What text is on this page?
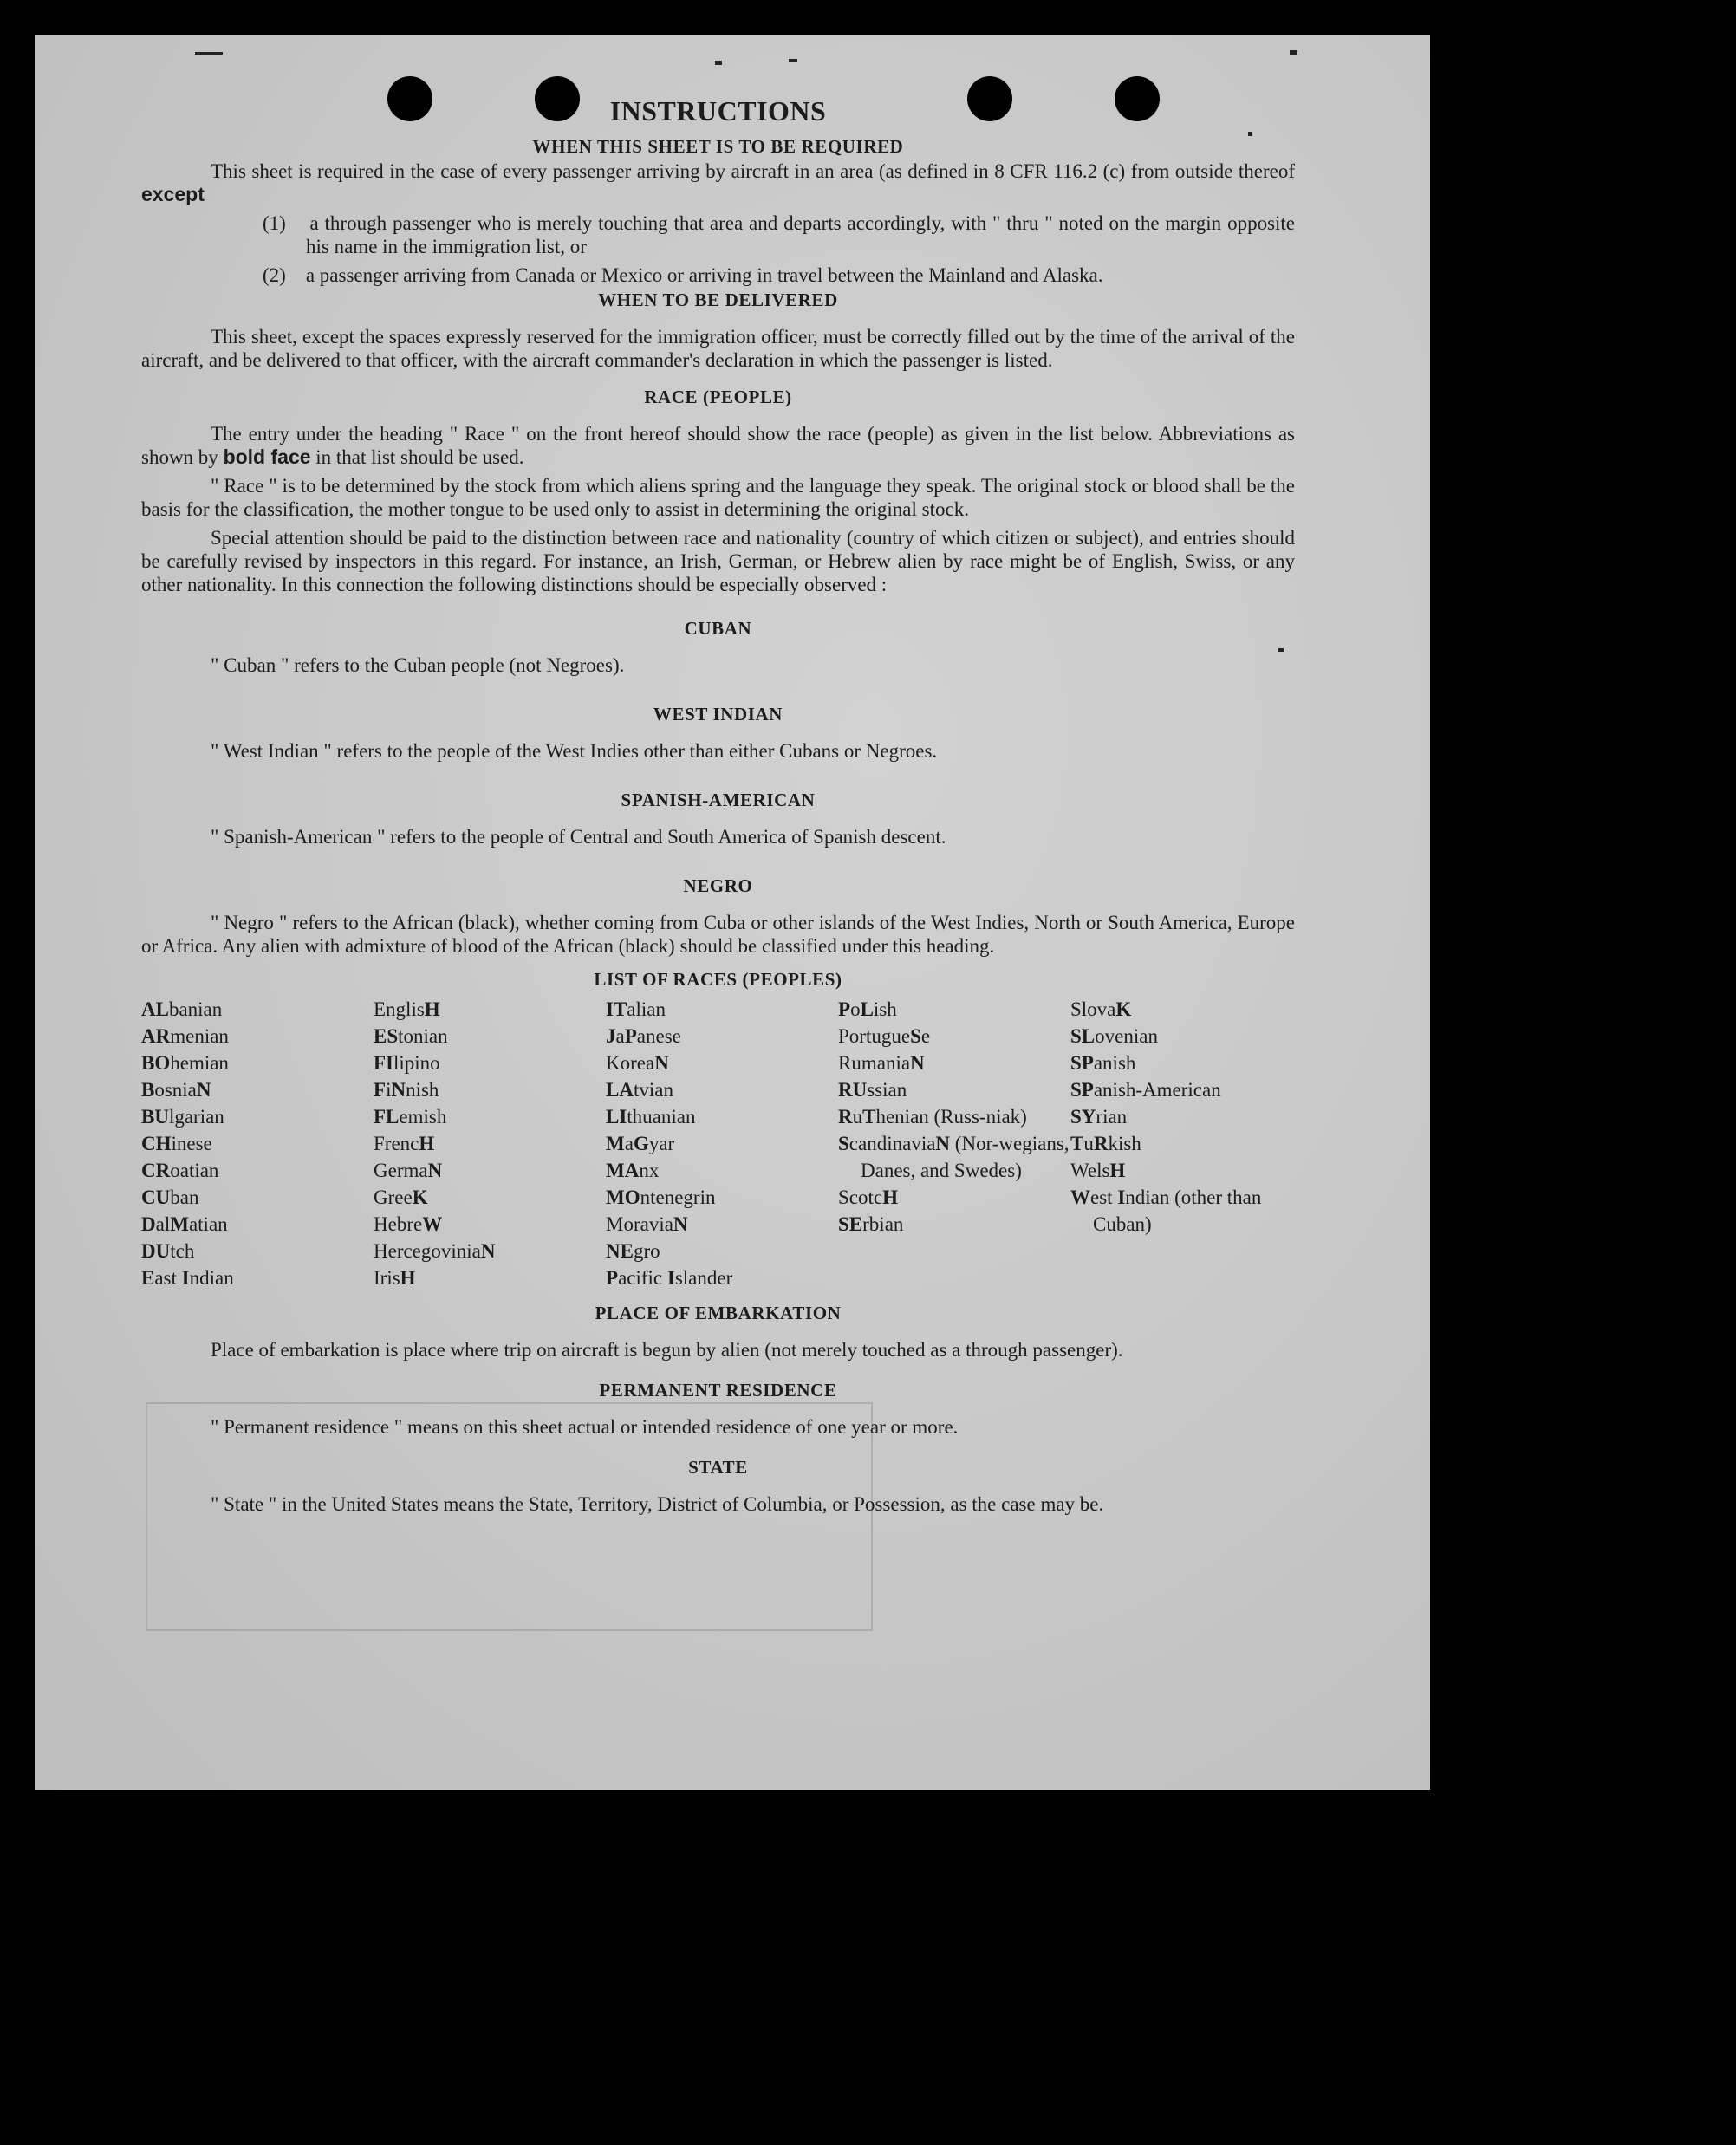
INSTRUCTIONS
WHEN THIS SHEET IS TO BE REQUIRED

This sheet is required in the case of every passenger arriving by aircraft in an area (as defined in 8 CFR 116.2 (c) from outside thereof except

(1) a through passenger who is merely touching that area and departs accordingly, with " thru " noted on the margin opposite his name in the immigration list, or

(2) a passenger arriving from Canada or Mexico or arriving in travel between the Mainland and Alaska.

WHEN TO BE DELIVERED

This sheet, except the spaces expressly reserved for the immigration officer, must be correctly filled out by the time of the arrival of the aircraft, and be delivered to that officer, with the aircraft commander's declaration in which the passenger is listed.

RACE (PEOPLE)

The entry under the heading " Race " on the front hereof should show the race (people) as given in the list below. Abbreviations as shown by bold face in that list should be used.

" Race " is to be determined by the stock from which aliens spring and the language they speak. The original stock or blood shall be the basis for the classification, the mother tongue to be used only to assist in determining the original stock.

Special attention should be paid to the distinction between race and nationality (country of which citizen or subject), and entries should be carefully revised by inspectors in this regard. For instance, an Irish, German, or Hebrew alien by race might be of English, Swiss, or any other nationality. In this connection the following distinctions should be especially observed :

CUBAN

" Cuban " refers to the Cuban people (not Negroes).

WEST INDIAN

" West Indian " refers to the people of the West Indies other than either Cubans or Negroes.

SPANISH-AMERICAN

" Spanish-American " refers to the people of Central and South America of Spanish descent.

NEGRO

" Negro " refers to the African (black), whether coming from Cuba or other islands of the West Indies, North or South America, Europe or Africa. Any alien with admixture of blood of the African (black) should be classified under this heading.

LIST OF RACES (PEOPLES)
ALbanian
ARmenian
BOhemian
BosniaN
BUlgarian
CHinese
CRoatian
CUban
DalMatian
DUtch
East Indian
EnglisH
EStonian
FIlipino
FiNnish
FLemish
FrencH
GermaN
GreeK
HebreW
HercegoviniaN
IrisH
ITalian
JaPanese
KoreaN
LAtvian
LIthuanian
MaGyar
MAnx
MOntenegrin
MoraviaN
NEgro
Pacific Islander
PoLish
PortugueSe
RumaniaN
RUssian
RuThenian (Russ-niak)
ScandinaviaN (Nor-wegians, Danes, and Swedes)
ScotcH
SErbian
SlovaK
SLovenian
SPanish
SPanish-American
SYrian
TuRkish
WelsH
West Indian (other than Cuban)
PLACE OF EMBARKATION

Place of embarkation is place where trip on aircraft is begun by alien (not merely touched as a through passenger).

PERMANENT RESIDENCE

" Permanent residence " means on this sheet actual or intended residence of one year or more.

STATE

" State " in the United States means the State, Territory, District of Columbia, or Possession, as the case may be.
